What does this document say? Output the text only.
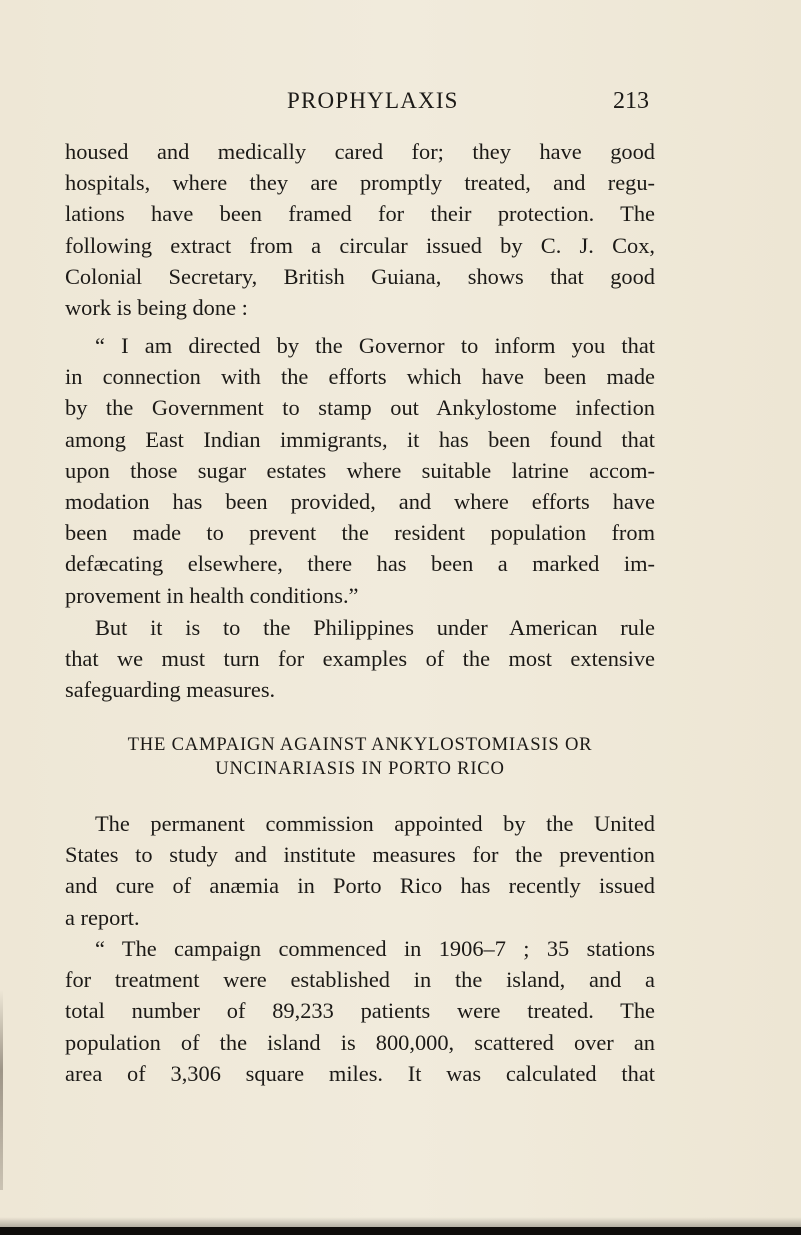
PROPHYLAXIS	213
housed and medically cared for; they have good
hospitals, where they are promptly treated, and regu-
lations have been framed for their protection. The
following extract from a circular issued by C. J. Cox,
Colonial Secretary, British Guiana, shows that good
work is being done :
“ I am directed by the Governor to inform you that
in connection with the efforts which have been made
by the Government to stamp out Ankylostome infection
among East Indian immigrants, it has been found that
upon those sugar estates where suitable latrine accom-
modation has been provided, and where efforts have
been made to prevent the resident population from
defæcating elsewhere, there has been a marked im-
provement in health conditions.”
But it is to the Philippines under American rule
that we must turn for examples of the most extensive
safeguarding measures.
THE CAMPAIGN AGAINST ANKYLOSTOMIASIS OR
UNCINARIASIS IN PORTO RICO
The permanent commission appointed by the United
States to study and institute measures for the prevention
and cure of anæmia in Porto Rico has recently issued
a report.
“ The campaign commenced in 1906–7 ; 35 stations
for treatment were established in the island, and a
total number of 89,233 patients were treated. The
population of the island is 800,000, scattered over an
area of 3,306 square miles. It was calculated that
